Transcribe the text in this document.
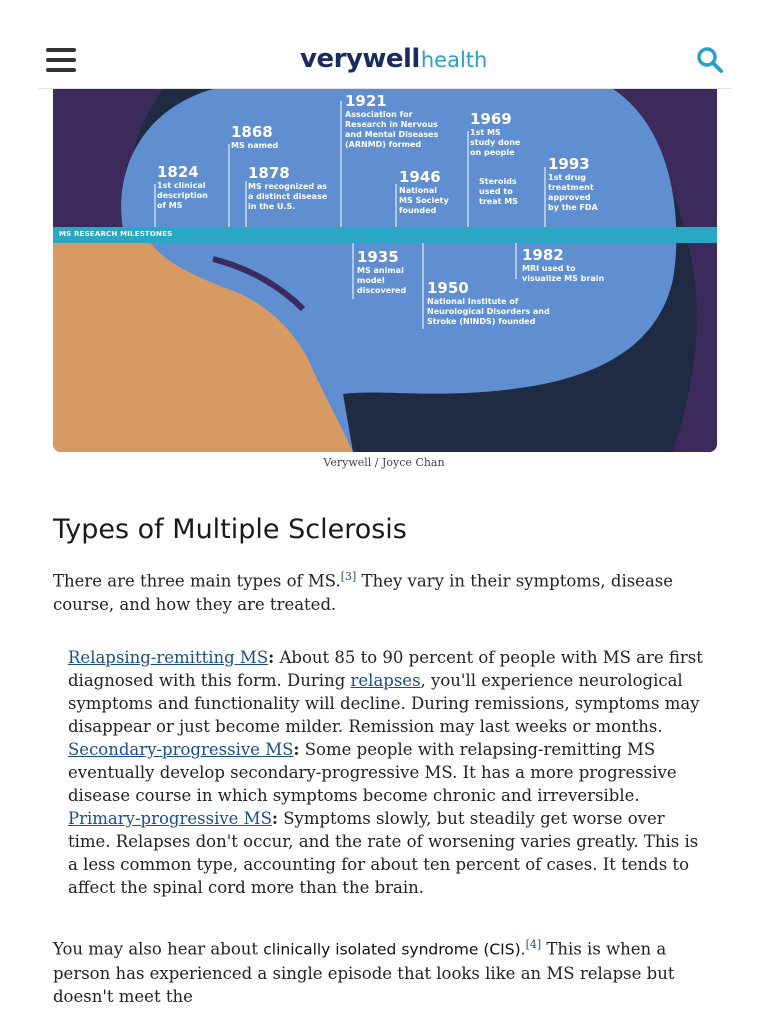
verywell health
MS RESEARCH MILESTONES
1824
1st clinical
description
of MS
1868
MS named
1878
MS recognized as
a distinct disease
in the U.S.
1921
Association for
Research in Nervous
and Mental Diseases
(ARNMD) formed
1946
National
MS Society
founded
1969
1st MS
study done
on people
Steroids
used to
treat MS
1993
1st drug
treatment
approved
by the FDA
1935
MS animal
model
discovered 1950
National Institute of
Neurological Disorders and
Stroke (NINDS) founded
1982
MRI used to
visualize MS brain
Verywell / Joyce Chan
Types of Multiple Sclerosis

There are three main types of MS.[3] They vary in their symptoms, disease course, and how they are treated.

Relapsing-remitting MS: About 85 to 90 percent of people with MS are first diagnosed with this form. During relapses, you'll experience neurological symptoms and functionality will decline. During remissions, symptoms may disappear or just become milder. Remission may last weeks or months.

Secondary-progressive MS: Some people with relapsing-remitting MS eventually develop secondary-progressive MS. It has a more progressive disease course in which symptoms become chronic and irreversible.

Primary-progressive MS: Symptoms slowly, but steadily get worse over time. Relapses don't occur, and the rate of worsening varies greatly. This is a less common type, accounting for about ten percent of cases. It tends to affect the spinal cord more than the brain.

You may also hear about clinically isolated syndrome (CIS).[4] This is when a person has experienced a single episode that looks like an MS relapse but doesn't meet the
